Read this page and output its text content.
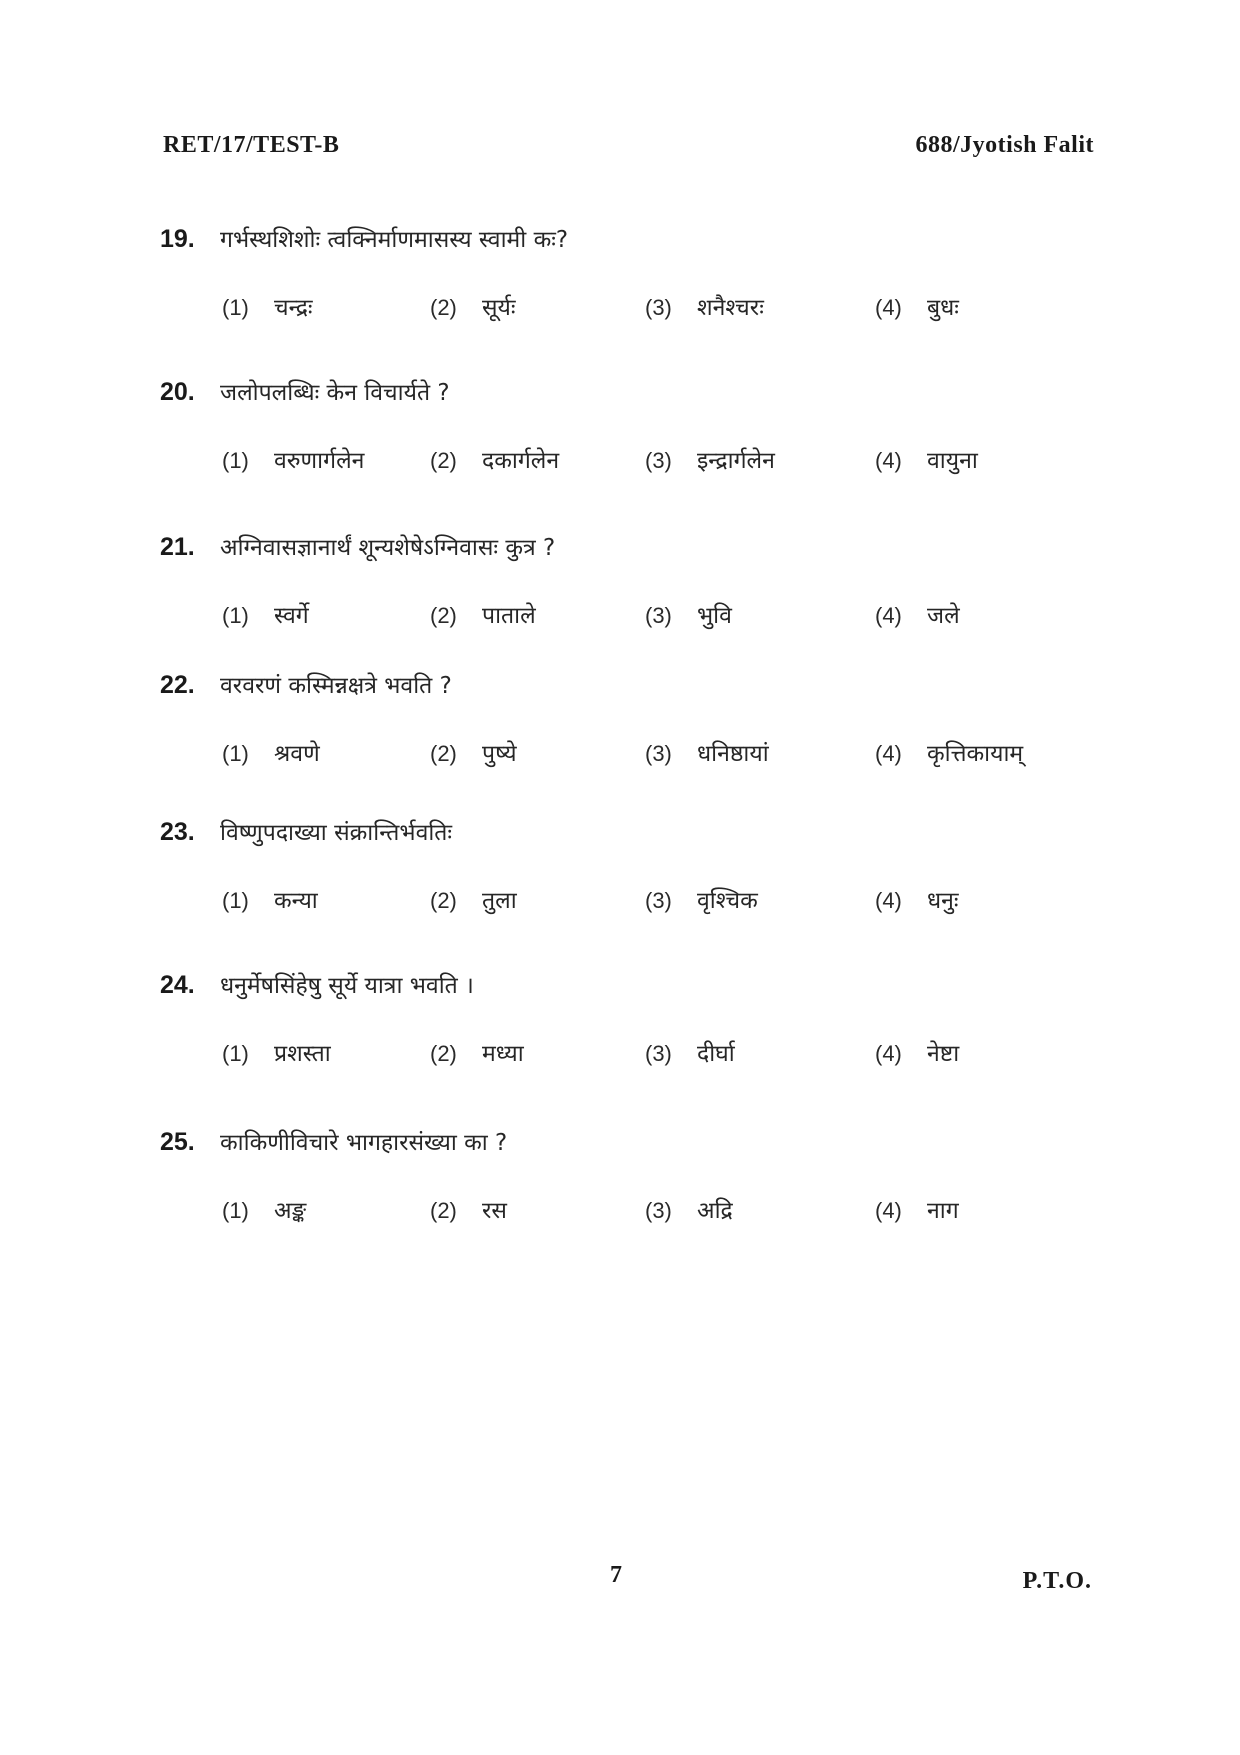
RET/17/TEST-B	688/Jyotish Falit
19.	गर्भस्थशिशोः त्वक्निर्माणमासस्य स्वामी कः?
(1)	चन्द्रः	(2)	सूर्यः	(3)	शनैश्चरः	(4)	बुधः
20.	जलोपलब्धिः केन विचार्यते ?
(1)	वरुणार्गलेन	(2)	दकार्गलेन	(3)	इन्द्रार्गलेन	(4)	वायुना
21.	अग्निवासज्ञानार्थं शून्यशेषेऽग्निवासः कुत्र ?
(1)	स्वर्गे	(2)	पाताले	(3)	भुवि	(4)	जले
22.	वरवरणं कस्मिन्नक्षत्रे भवति ?
(1)	श्रवणे	(2)	पुष्ये	(3)	धनिष्ठायां	(4)	कृत्तिकायाम्
23.	विष्णुपदाख्या संक्रान्तिर्भवतिः
(1)	कन्या	(2)	तुला	(3)	वृश्चिक	(4)	धनुः
24.	धनुर्मेषसिंहेषु सूर्ये यात्रा भवति ।
(1)	प्रशस्ता	(2)	मध्या	(3)	दीर्घा	(4)	नेष्टा
25.	काकिणीविचारे भागहारसंख्या का ?
(1)	अङ्क	(2)	रस	(3)	अद्रि	(4)	नाग
7	P.T.O.
